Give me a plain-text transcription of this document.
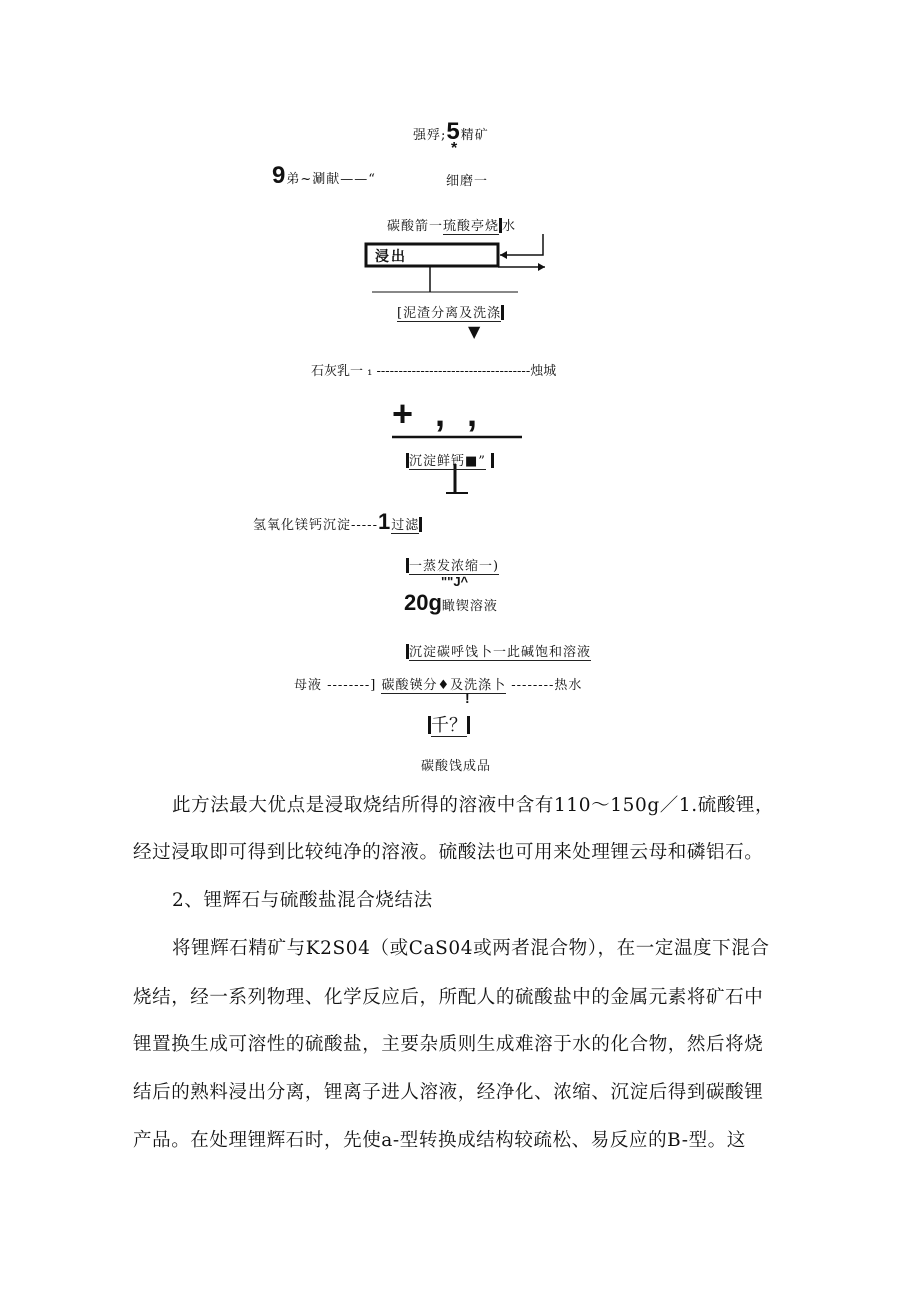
强殍;5精矿
*
9弟~涮献——“	细磨一
碳酸箭一琉酸亭烧 水
浸出
[泥渣分离及洗涤
▼
石灰乳一 ₁ -----------------------------------烛城
+ , ,
沉淀鲜钙■”
氢氧化镁钙沉淀-----1过滤
一蒸发浓缩一)
""J^
20g瞰锲溶液
沉淀碳呼饯卜一此碱饱和溶液
母液 --------] 碳酸锳分♦及洗涤卜 --------热水
!
千？
碳酸饯成品
此方法最大优点是浸取烧结所得的溶液中含有110～150g／1.硫酸锂，
经过浸取即可得到比较纯净的溶液。硫酸法也可用来处理锂云母和磷铝石。
2、锂辉石与硫酸盐混合烧结法
将锂辉石精矿与K2S04（或CaS04或两者混合物），在一定温度下混合
烧结，经一系列物理、化学反应后，所配人的硫酸盐中的金属元素将矿石中
锂置换生成可溶性的硫酸盐，主要杂质则生成难溶于水的化合物，然后将烧
结后的熟料浸出分离，锂离子进人溶液，经净化、浓缩、沉淀后得到碳酸锂
产品。在处理锂辉石时，先使a-型转换成结构较疏松、易反应的B-型。这
